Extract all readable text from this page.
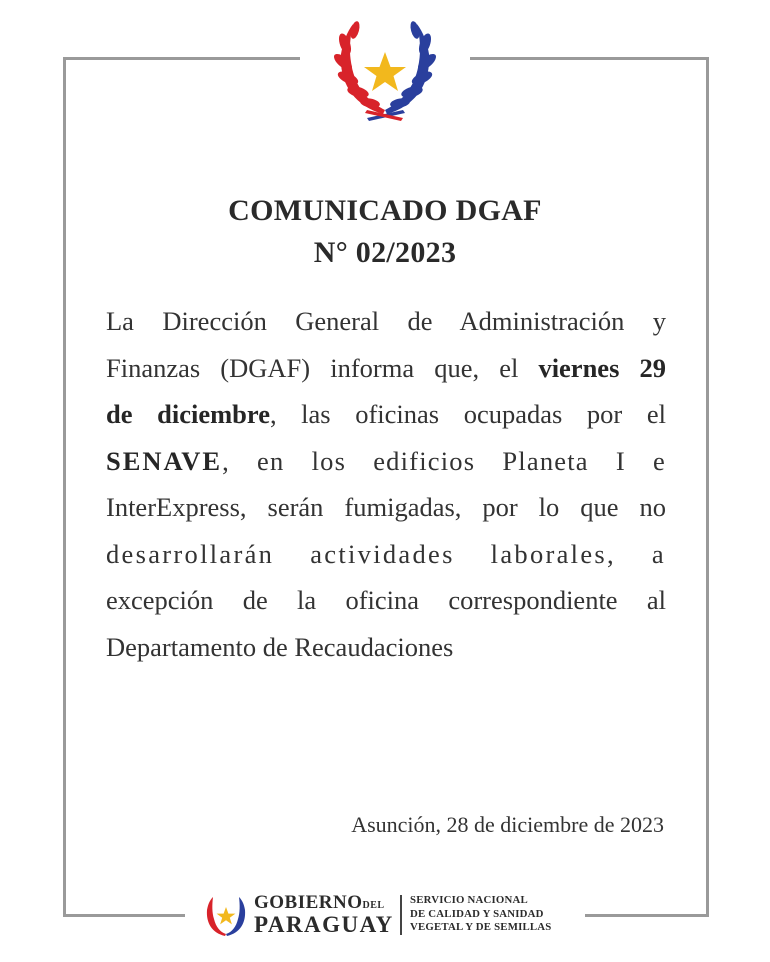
COMUNICADO DGAF
N° 02/2023
La Dirección General de Administración y
Finanzas (DGAF) informa que, el viernes 29
de diciembre, las oficinas ocupadas por el
SENAVE, en los edificios Planeta I e
InterExpress, serán fumigadas, por lo que no
desarrollarán actividades laborales, a
excepción de la oficina correspondiente al
Departamento de Recaudaciones
Asunción, 28 de diciembre de 2023
GOBIERNODEL
PARAGUAY
SERVICIO NACIONAL
DE CALIDAD Y SANIDAD
VEGETAL Y DE SEMILLAS
